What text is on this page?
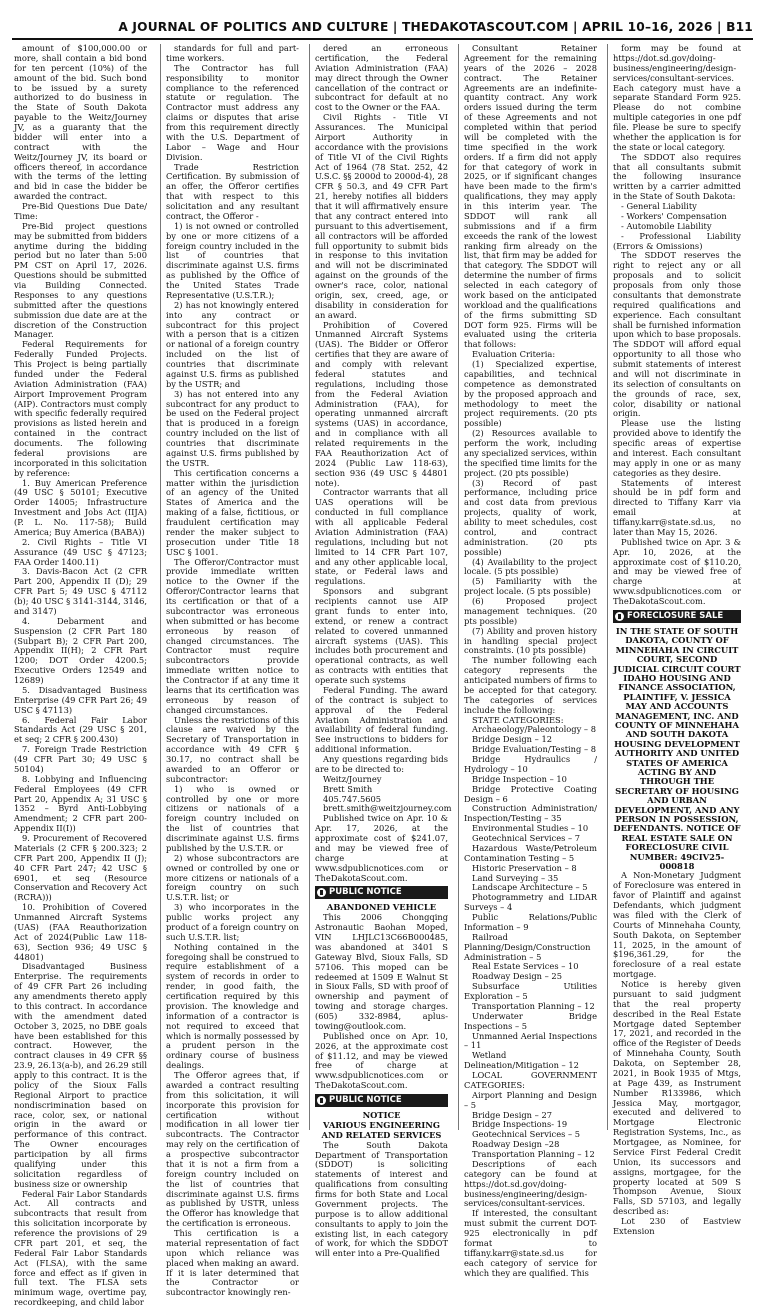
A JOURNAL OF POLITICS AND CULTURE | THEDAKOTASCOUT.COM | APRIL 10–16, 2026 | B11

amount of $100,000.00 or more, shall contain a bid bond for ten percent (10%) of the amount of the bid. Such bond to be issued by a surety authorized to do business in the State of South Dakota payable to the Weitz/Journey JV, as a guaranty that the bidder will enter into a contract with the Weitz/Journey JV, its board or officers thereof, in accordance with the terms of the letting and bid in case the bidder be awarded the contract.

Pre-Bid Questions Due Date/ Time:

Pre-Bid project questions may be submitted from bidders anytime during the bidding period but no later than 5:00 PM CST on April 17, 2026. Questions should be submitted via Building Connected. Responses to any questions submitted after the questions submission due date are at the discretion of the Construction Manager.

Federal Requirements for Federally Funded Projects. This Project is being partially funded under the Federal Aviation Administration (FAA) Airport Improvement Program (AIP). Contractors must comply with specific federally required provisions as listed herein and contained in the contract documents. The following federal provisions are incorporated in this solicitation by reference:

1. Buy American Preference (49 USC § 50101; Executive Order 14005; Infrastructure Investment and Jobs Act (IIJA) (P. L. No. 117-58); Build America; Buy America (BABA))

2. Civil Rights – Title VI Assurance (49 USC § 47123; FAA Order 1400.11)

3. Davis-Bacon Act (2 CFR Part 200, Appendix II (D); 29 CFR Part 5; 49 USC § 47112 (b); 40 USC § 3141-3144, 3146, and 3147)

4. Debarment and Suspension (2 CFR Part 180 (Subpart B); 2 CFR Part 200, Appendix II(H); 2 CFR Part 1200; DOT Order 4200.5; Executive Orders 12549 and 12689)

5. Disadvantaged Business Enterprise (49 CFR Part 26; 49 USC § 47113)

6. Federal Fair Labor Standards Act (29 USC § 201, et seq; 2 CFR § 200.430)

7. Foreign Trade Restriction (49 CFR Part 30; 49 USC § 50104)

8. Lobbying and Influencing Federal Employees (49 CFR Part 20, Appendix A; 31 USC § 1352 – Byrd Anti-Lobbying Amendment; 2 CFR part 200- Appendix II(I))

9. Procurement of Recovered Materials (2 CFR § 200.323; 2 CFR Part 200, Appendix II (J); 40 CFR Part 247; 42 USC § 6901, et seq (Resource Conservation and Recovery Act (RCRA)))

10. Prohibition of Covered Unmanned Aircraft Systems (UAS) (FAA Reauthorization Act of 2024(Public Law 118-63), Section 936; 49 USC § 44801)

Disadvantaged Business Enterprise. The requirements of 49 CFR Part 26 including any amendments thereto apply to this contract. In accordance with the amendment dated October 3, 2025, no DBE goals have been established for this contract. However, the contract clauses in 49 CFR §§ 23.9, 26.13(a-b), and 26.29 still apply to this contract. It is the policy of the Sioux Falls Regional Airport to practice nondiscrimination based on race, color, sex, or national origin in the award or performance of this contract. The Owner encourages participation by all firms qualifying under this solicitation regardless of business size or ownership

Federal Fair Labor Standards Act. All contracts and subcontracts that result from this solicitation incorporate by reference the provisions of 29 CFR part 201, et seq, the Federal Fair Labor Standards Act (FLSA), with the same force and effect as if given in full text. The FLSA sets minimum wage, overtime pay, recordkeeping, and child labor

standards for full and part-time workers.

The Contractor has full responsibility to monitor compliance to the referenced statute or regulation. The Contractor must address any claims or disputes that arise from this requirement directly with the U.S. Department of Labor – Wage and Hour Division.

Trade Restriction Certification. By submission of an offer, the Offeror certifies that with respect to this solicitation and any resultant contract, the Offeror -

1) is not owned or controlled by one or more citizens of a foreign country included in the list of countries that discriminate against U.S. firms as published by the Office of the United States Trade Representative (U.S.T.R.);

2) has not knowingly entered into any contract or subcontract for this project with a person that is a citizen or national of a foreign country included on the list of countries that discriminate against U.S. firms as published by the USTR; and

3) has not entered into any subcontract for any product to be used on the Federal project that is produced in a foreign country included on the list of countries that discriminate against U.S. firms published by the USTR.

This certification concerns a matter within the jurisdiction of an agency of the United States of America and the making of a false, fictitious, or fraudulent certification may render the maker subject to prosecution under Title 18 USC § 1001.

The Offeror/Contractor must provide immediate written notice to the Owner if the Offeror/Contractor learns that its certification or that of a subcontractor was erroneous when submitted or has become erroneous by reason of changed circumstances. The Contractor must require subcontractors provide immediate written notice to the Contractor if at any time it learns that its certification was erroneous by reason of changed circumstances.

Unless the restrictions of this clause are waived by the Secretary of Transportation in accordance with 49 CFR § 30.17, no contract shall be awarded to an Offeror or subcontractor:

1) who is owned or controlled by one or more citizens or nationals of a foreign country included on the list of countries that discriminate against U.S. firms published by the U.S.T.R. or

2) whose subcontractors are owned or controlled by one or more citizens or nationals of a foreign country on such U.S.T.R. list; or

3) who incorporates in the public works project any product of a foreign country on such U.S.T.R. list;

Nothing contained in the foregoing shall be construed to require establishment of a system of records in order to render, in good faith, the certification required by this provision. The knowledge and information of a contractor is not required to exceed that which is normally possessed by a prudent person in the ordinary course of business dealings.

The Offeror agrees that, if awarded a contract resulting from this solicitation, it will incorporate this provision for certification without modification in all lower tier subcontracts. The Contractor may rely on the certification of a prospective subcontractor that it is not a firm from a foreign country included on the list of countries that discriminate against U.S. firms as published by USTR, unless the Offeror has knowledge that the certification is erroneous.

This certification is a material representation of fact upon which reliance was placed when making an award. If it is later determined that the Contractor or subcontractor knowingly ren-

dered an erroneous certification, the Federal Aviation Administration (FAA) may direct through the Owner cancellation of the contract or subcontract for default at no cost to the Owner or the FAA.

Civil Rights - Title VI Assurances. The Municipal Airport Authority in accordance with the provisions of Title VI of the Civil Rights Act of 1964 (78 Stat. 252, 42 U.S.C. §§ 2000d to 2000d-4), 28 CFR § 50.3, and 49 CFR Part 21, hereby notifies all bidders that it will affirmatively ensure that any contract entered into pursuant to this advertisement, all contractors will be afforded full opportunity to submit bids in response to this invitation and will not be discriminated against on the grounds of the owner's race, color, national origin, sex, creed, age, or disability in consideration for an award.

Prohibition of Covered Unmanned Aircraft Systems (UAS). The Bidder or Offeror certifies that they are aware of and comply with relevant federal statutes and regulations, including those from the Federal Aviation Administration (FAA), for operating unmanned aircraft systems (UAS) in accordance, and in compliance with all related requirements in the FAA Reauthorization Act of 2024 (Public Law 118-63), section 936 (49 USC § 44801 note).

Contractor warrants that all UAS operations will be conducted in full compliance with all applicable Federal Aviation Administration (FAA) regulations, including but not limited to 14 CFR Part 107, and any other applicable local, state, or Federal laws and regulations.

Sponsors and subgrant recipients cannot use AIP grant funds to enter into, extend, or renew a contract related to covered unmanned aircraft systems (UAS). This includes both procurement and operational contracts, as well as contracts with entities that operate such systems

Federal Funding. The award of the contract is subject to approval of the Federal Aviation Administration and availability of federal funding. See instructions to bidders for additional information.

Any questions regarding bids are to be directed to:

Weitz/Journey

Brett Smith

405.747.5605

brett.smith@weitzjourney.com

Published twice on Apr. 10 & Apr. 17, 2026, at the approximate cost of $241.07, and may be viewed free of charge at www.sdpublicnotices.com or TheDakotaScout.com.

PUBLIC NOTICE

ABANDONED VEHICLE

This 2006 Chongqing Astronautic Baohan Moped, VIN LHJLC13C66B000485, was abandoned at 3401 S Gateway Blvd, Sioux Falls, SD 57106. This moped can be redeemed at 1509 E Walnut St in Sioux Falls, SD with proof of ownership and payment of towing and storage charges. (605) 332-8984, aplus-towing@outlook.com.

Published once on Apr. 10, 2026, at the approximate cost of $11.12, and may be viewed free of charge at www.sdpublicnotices.com or TheDakotaScout.com.

PUBLIC NOTICE

NOTICE

VARIOUS ENGINEERING AND RELATED SERVICES

The South Dakota Department of Transportation (SDDOT) is soliciting statements of interest and qualifications from consulting firms for both State and Local Government projects. The purpose is to allow additional consultants to apply to join the existing list, in each category of work, for which the SDDOT will enter into a Pre-Qualified

Consultant Retainer Agreement for the remaining years of the 2026 – 2028 contract. The Retainer Agreements are an indefinite-quantity contract. Any work orders issued during the term of these Agreements and not completed within that period will be completed with the time specified in the work orders. If a firm did not apply for that category of work in 2025, or if significant changes have been made to the firm's qualifications, they may apply in this interim year. The SDDOT will rank all submissions and if a firm exceeds the rank of the lowest ranking firm already on the list, that firm may be added for that category. The SDDOT will determine the number of firms selected in each category of work based on the anticipated workload and the qualifications of the firms submitting SD DOT form 925. Firms will be evaluated using the criteria that follows:

Evaluation Criteria:

(1) Specialized expertise, capabilities, and technical competence as demonstrated by the proposed approach and methodology to meet the project requirements. (20 pts possible)

(2) Resources available to perform the work, including any specialized services, within the specified time limits for the project. (20 pts possible)

(3) Record of past performance, including price and cost data from previous projects, quality of work, ability to meet schedules, cost control, and contract administration. (20 pts possible)

(4) Availability to the project locale. (5 pts possible)

(5) Familiarity with the project locale. (5 pts possible)

(6) Proposed project management techniques. (20 pts possible)

(7) Ability and proven history in handling special project constraints. (10 pts possible)

The number following each category represents the anticipated numbers of firms to be accepted for that category. The categories of services include the following:

STATE CATEGORIES:

Archaeology/Paleontology – 8

Bridge Design – 12

Bridge Evaluation/Testing – 8

Bridge Hydraulics / Hydrology – 10

Bridge Inspection – 10

Bridge Protective Coating Design – 6

Construction Administration/ Inspection/Testing – 35

Environmental Studies – 10

Geotechnical Services – 7

Hazardous Waste/Petroleum Contamination Testing – 5

Historic Preservation – 8

Land Surveying – 35

Landscape Architecture – 5

Photogrammetry and LIDAR Surveys – 4

Public Relations/Public Information – 9

Railroad Planning/Design/Construction Administration – 5

Real Estate Services – 10

Roadway Design – 25

Subsurface Utilities Exploration – 5

Transportation Planning – 12

Underwater Bridge Inspections – 5

Unmanned Aerial Inspections – 11

Wetland Delineation/Mitigation – 12

LOCAL GOVERNMENT CATEGORIES:

Airport Planning and Design – 5

Bridge Design – 27

Bridge Inspections- 19

Geotechnical Services – 5

Roadway Design –28

Transportation Planning – 12

Descriptions of each category can be found at https://dot.sd.gov/doing-business/engineering/design-services/consultant-services.

If interested, the consultant must submit the current DOT-925 electronically in pdf format to tiffany.karr@state.sd.us for each category of service for which they are qualified. This

form may be found at https://dot.sd.gov/doing-business/engineering/design-services/consultant-services. Each category must have a separate Standard Form 925. Please do not combine multiple categories in one pdf file. Please be sure to specify whether the application is for the state or local category.

The SDDOT also requires that all consultants submit the following insurance written by a carrier admitted in the State of South Dakota:

- General Liability

- Workers' Compensation

- Automobile Liability

- Professional Liability (Errors & Omissions)

The SDDOT reserves the right to reject any or all proposals and to solicit proposals from only those consultants that demonstrate required qualifications and experience. Each consultant shall be furnished information upon which to base proposals. The SDDOT will afford equal opportunity to all those who submit statements of interest and will not discriminate in its selection of consultants on the grounds of race, sex, color, disability or national origin.

Please use the listing provided above to identify the specific areas of expertise and interest. Each consultant may apply in one or as many categories as they desire.

Statements of interest should be in pdf form and directed to Tiffany Karr via email at tiffany.karr@state.sd.us, no later than May 15, 2026.

Published twice on Apr. 3 & Apr. 10, 2026, at the approximate cost of $110.20, and may be viewed free of charge at www.sdpublicnotices.com or TheDakotaScout.com.

FORECLOSURE SALE

IN THE STATE OF SOUTH DAKOTA, COUNTY OF MINNEHAHA IN CIRCUIT COURT, SECOND JUDICIAL CIRCUIT COURT IDAHO HOUSING AND FINANCE ASSOCIATION, PLAINTIFF, V. JESSICA MAY AND ACCOUNTS MANAGEMENT, INC. AND COUNTY OF MINNEHAHA AND SOUTH DAKOTA HOUSING DEVELOPMENT AUTHORITY AND UNITED STATES OF AMERICA ACTING BY AND THROUGH THE SECRETARY OF HOUSING AND URBAN DEVELOPMENT, AND ANY PERSON IN POSSESSION, DEFENDANTS. NOTICE OF REAL ESTATE SALE ON FORECLOSURE CIVIL NUMBER: 49CIV25-000818

A Non-Monetary Judgment of Foreclosure was entered in favor of Plaintiff and against Defendants, which judgment was filed with the Clerk of Courts of Minnehaha County, South Dakota, on September 11, 2025, in the amount of $196,361.29, for the foreclosure of a real estate mortgage.

Notice is hereby given pursuant to said judgment that the real property described in the Real Estate Mortgage dated September 17, 2021, and recorded in the office of the Register of Deeds of Minnehaha County, South Dakota, on September 28, 2021, in Book 1935 of Mtgs, at Page 439, as Instrument Number R133986, which Jessica May, mortgagor, executed and delivered to Mortgage Electronic Registration Systems, Inc., as Mortgagee, as Nominee, for Service First Federal Credit Union, its successors and assigns, mortgagee, for the property located at 509 S Thompson Avenue, Sioux Falls, SD 57103, and legally described as:

Lot 230 of Eastview Extension
